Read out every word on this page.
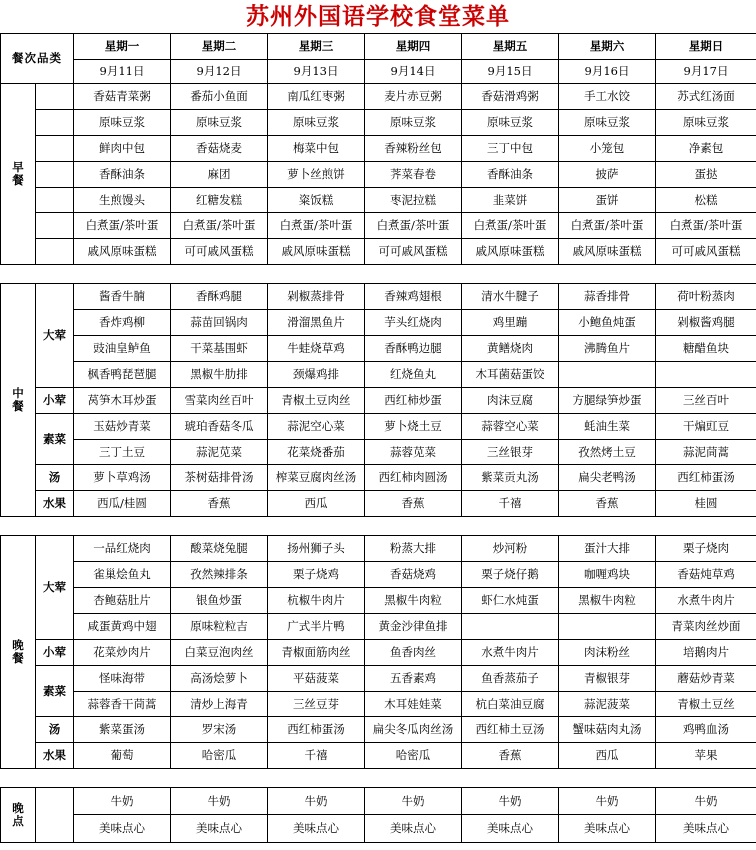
苏州外国语学校食堂菜单
餐次品类		星期一	星期二	星期三	星期四	星期五	星期六	星期日
		9月11日	9月12日	9月13日	9月14日	9月15日	9月16日	9月17日

早
餐		香菇青菜粥	番茄小鱼面	南瓜红枣粥	麦片赤豆粥	香菇滑鸡粥	手工水饺	苏式红汤面
		原味豆浆	原味豆浆	原味豆浆	原味豆浆	原味豆浆	原味豆浆	原味豆浆
		鲜肉中包	香菇烧麦	梅菜中包	香辣粉丝包	三丁中包	小笼包	净素包
		香酥油条	麻团	萝卜丝煎饼	荠菜春卷	香酥油条	披萨	蛋挞
		生煎馒头	红糖发糕	粢饭糕	枣泥拉糕	韭菜饼	蛋饼	松糕
		白煮蛋/茶叶蛋	白煮蛋/茶叶蛋	白煮蛋/茶叶蛋	白煮蛋/茶叶蛋	白煮蛋/茶叶蛋	白煮蛋/茶叶蛋	白煮蛋/茶叶蛋
		戚风原味蛋糕	可可戚风蛋糕	戚风原味蛋糕	可可戚风蛋糕	戚风原味蛋糕	戚风原味蛋糕	可可戚风蛋糕

中
餐	大荤	酱香牛腩	香酥鸡腿	剁椒蒸排骨	香辣鸡翅根	清水牛腱子	蒜香排骨	荷叶粉蒸肉
		香炸鸡柳	蒜苗回锅肉	滑溜黑鱼片	芋头红烧肉	鸡里蹦	小鲍鱼炖蛋	剁椒酱鸡腿
		豉油皇鲈鱼	干菜基围虾	牛蛙烧草鸡	香酥鸭边腿	黄鳝烧肉	沸腾鱼片	糖醋鱼块
		枫香鸭琵琶腿	黑椒牛肋排	颈爆鸡排	红烧鱼丸	木耳菌菇蛋饺		
	小荤	莴笋木耳炒蛋	雪菜肉丝百叶	青椒土豆肉丝	西红柿炒蛋	肉沫豆腐	方腿绿笋炒蛋	三丝百叶
	素菜	玉菇炒青菜	琥珀香菇冬瓜	蒜泥空心菜	萝卜烧土豆	蒜蓉空心菜	蚝油生菜	干煸豇豆
		三丁土豆	蒜泥苋菜	花菜烧番茄	蒜蓉苋菜	三丝银芽	孜然烤土豆	蒜泥茼蒿
	汤	萝卜草鸡汤	茶树菇排骨汤	榨菜豆腐肉丝汤	西红柿肉圆汤	紫菜贡丸汤	扁尖老鸭汤	西红柿蛋汤
	水果	西瓜/桂圆	香蕉	西瓜	香蕉	千禧	香蕉	桂圆

晚
餐	大荤	一品红烧肉	酸菜烧兔腿	扬州狮子头	粉蒸大排	炒河粉	蛋汁大排	栗子烧肉
		雀巢烩鱼丸	孜然辣排条	栗子烧鸡	香菇烧鸡	栗子烧仔鹅	咖喱鸡块	香菇炖草鸡
		杏鲍菇肚片	银鱼炒蛋	杭椒牛肉片	黑椒牛肉粒	虾仁水炖蛋	黑椒牛肉粒	水煮牛肉片
		咸蛋黄鸡中翅	原味粒粒吉	广式半片鸭	黄金沙律鱼排			青菜肉丝炒面
	小荤	花菜炒肉片	白菜豆泡肉丝	青椒面筋肉丝	鱼香肉丝	水煮牛肉片	肉沫粉丝	培鹅肉片
	素菜	怪味海带	高汤烩萝卜	平菇菠菜	五香素鸡	鱼香蒸茄子	青椒银芽	蘑菇炒青菜
		蒜蓉香干茼蒿	清炒上海青	三丝豆芽	木耳娃娃菜	杭白菜油豆腐	蒜泥菠菜	青椒土豆丝
	汤	紫菜蛋汤	罗宋汤	西红柿蛋汤	扁尖冬瓜肉丝汤	西红柿土豆汤	蟹味菇肉丸汤	鸡鸭血汤
	水果	葡萄	哈密瓜	千禧	哈密瓜	香蕉	西瓜	苹果

晚
点		牛奶	牛奶	牛奶	牛奶	牛奶	牛奶	牛奶
		美味点心	美味点心	美味点心	美味点心	美味点心	美味点心	美味点心
